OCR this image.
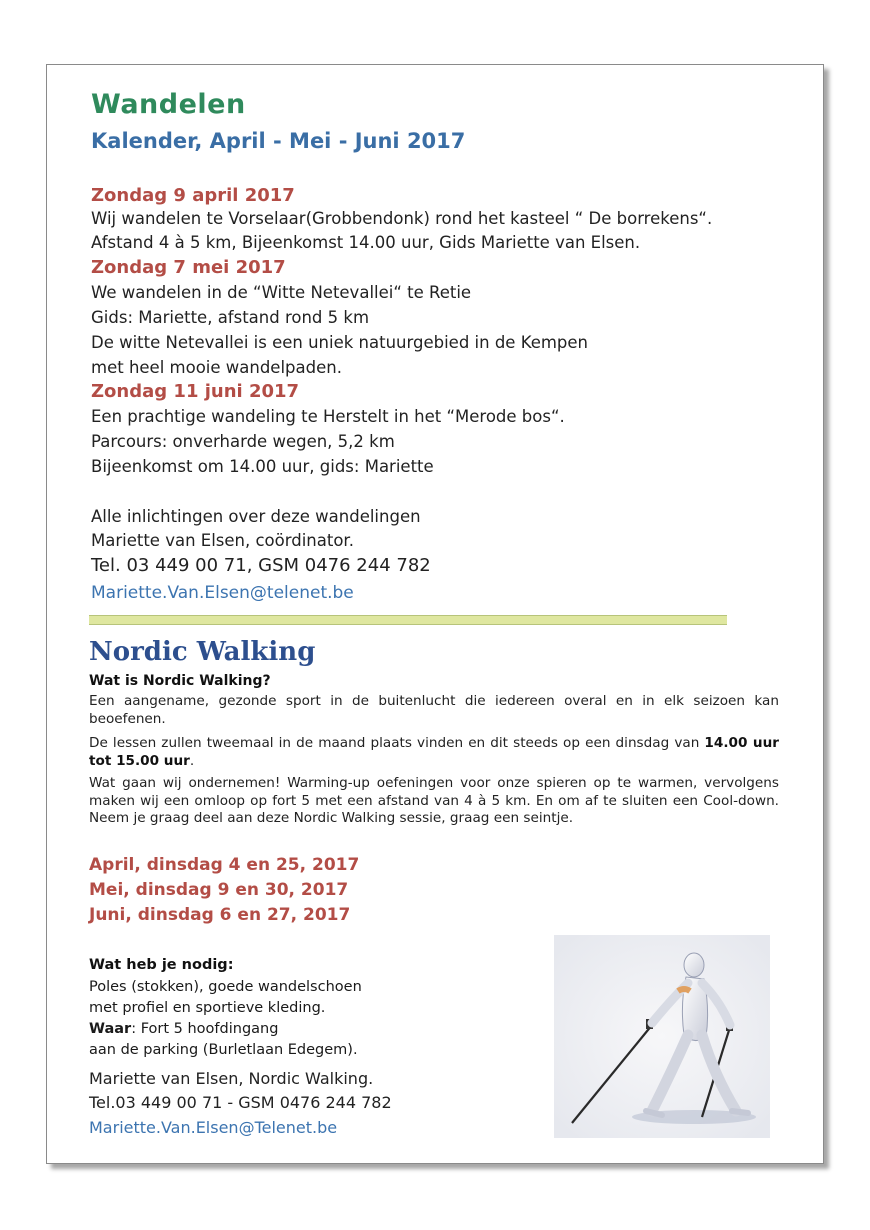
Wandelen
Kalender, April - Mei - Juni 2017
Zondag 9 april 2017
Wij wandelen te Vorselaar(Grobbendonk) rond het kasteel “ De borrekens“.
Afstand 4 à 5 km, Bijeenkomst 14.00 uur, Gids Mariette van Elsen.
Zondag 7 mei 2017
We wandelen in de “Witte Netevallei“ te Retie
Gids: Mariette, afstand rond 5 km
De witte Netevallei is een uniek natuurgebied in de Kempen
met heel mooie wandelpaden.
Zondag 11 juni 2017
Een prachtige wandeling te Herstelt in het “Merode bos“.
Parcours: onverharde wegen, 5,2 km
Bijeenkomst om 14.00 uur, gids: Mariette
Alle inlichtingen over deze wandelingen
Mariette van Elsen, coördinator.
Tel. 03 449 00 71, GSM 0476 244 782
Mariette.Van.Elsen@telenet.be
Nordic Walking
Wat is Nordic Walking?
Een aangename, gezonde sport in de buitenlucht die iedereen overal en in elk seizoen kan beoefenen.
De lessen zullen tweemaal in de maand plaats vinden en dit steeds op een dinsdag van 14.00 uur tot 15.00 uur.
Wat gaan wij ondernemen! Warming-up oefeningen voor onze spieren op te warmen, vervolgens maken wij een omloop op fort 5 met een afstand van 4 à 5 km. En om af te sluiten een Cool-down. Neem je graag deel aan deze Nordic Walking sessie, graag een seintje.
April, dinsdag 4 en 25, 2017
Mei, dinsdag 9 en 30, 2017
Juni, dinsdag 6 en 27, 2017
Wat heb je nodig:
Poles (stokken), goede wandelschoen
met profiel en sportieve kleding.
Waar: Fort 5 hoofdingang
aan de parking (Burletlaan Edegem).
Mariette van Elsen, Nordic Walking.
Tel.03 449 00 71 - GSM 0476 244 782
Mariette.Van.Elsen@Telenet.be
